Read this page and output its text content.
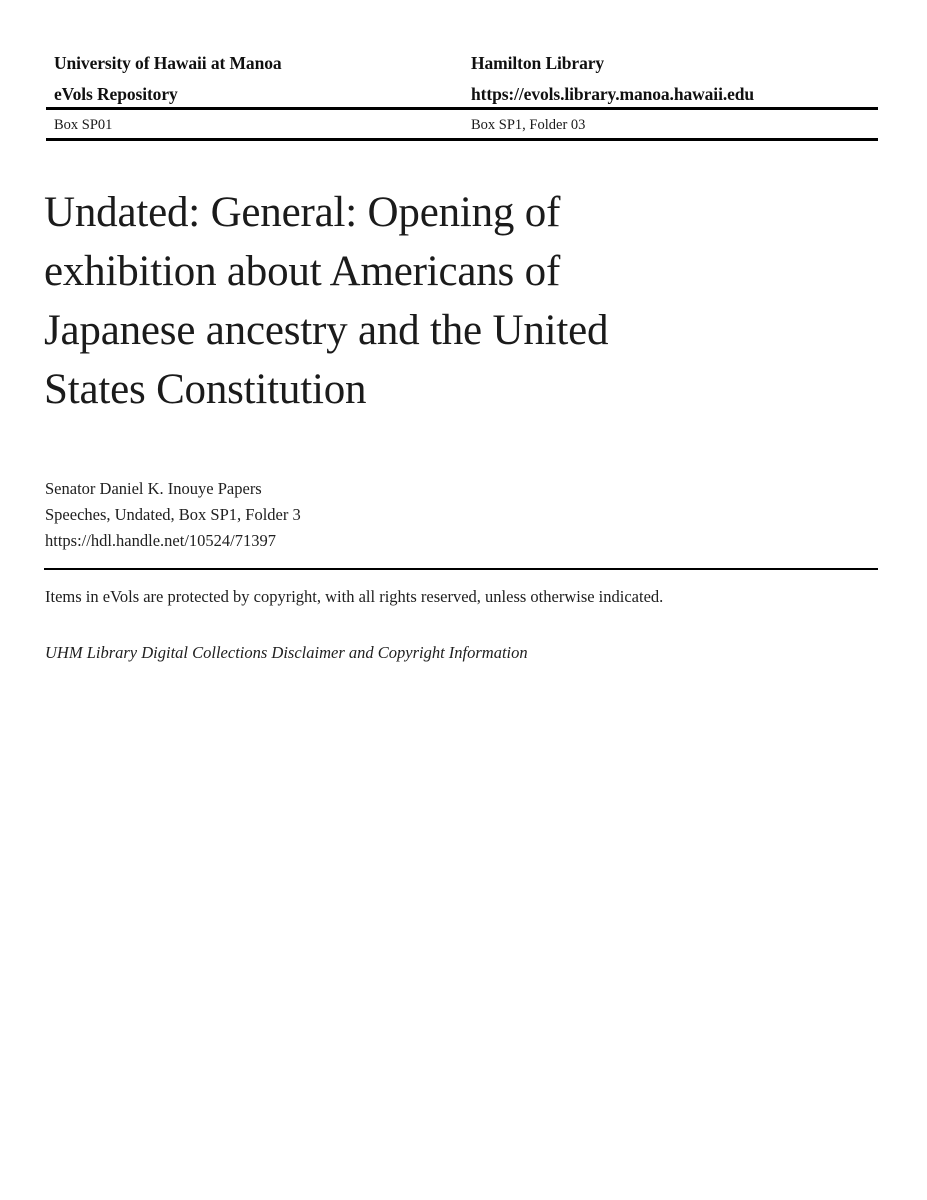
University of Hawaii at Manoa	Hamilton Library
eVols Repository	https://evols.library.manoa.hawaii.edu
Box SP01	Box SP1, Folder 03
Undated: General: Opening of
exhibition about Americans of
Japanese ancestry and the United
States Constitution
Senator Daniel K. Inouye Papers
Speeches, Undated, Box SP1, Folder 3
https://hdl.handle.net/10524/71397

Items in eVols are protected by copyright, with all rights reserved, unless otherwise indicated.

UHM Library Digital Collections Disclaimer and Copyright Information
